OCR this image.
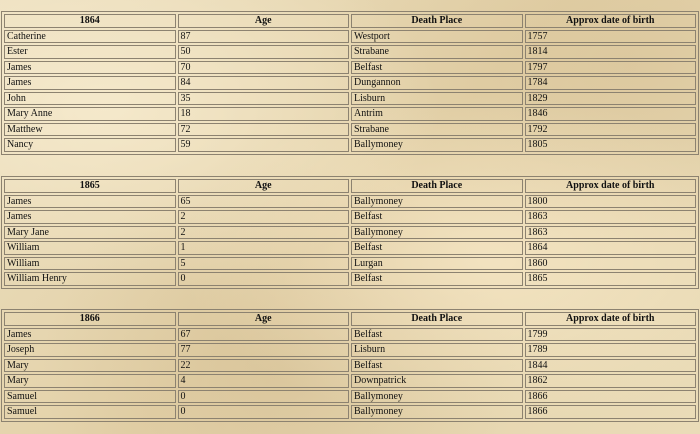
1864	Age	Death Place	Approx date of birth
Catherine	87	Westport	1757
Ester	50	Strabane	1814
James	70	Belfast	1797
James	84	Dungannon	1784
John	35	Lisburn	1829
Mary Anne	18	Antrim	1846
Matthew	72	Strabane	1792
Nancy	59	Ballymoney	1805
1865	Age	Death Place	Approx date of birth
James	65	Ballymoney	1800
James	2	Belfast	1863
Mary Jane	2	Ballymoney	1863
William	1	Belfast	1864
William	5	Lurgan	1860
William Henry	0	Belfast	1865
1866	Age	Death Place	Approx date of birth
James	67	Belfast	1799
Joseph	77	Lisburn	1789
Mary	22	Belfast	1844
Mary	4	Downpatrick	1862
Samuel	0	Ballymoney	1866
Samuel	0	Ballymoney	1866
